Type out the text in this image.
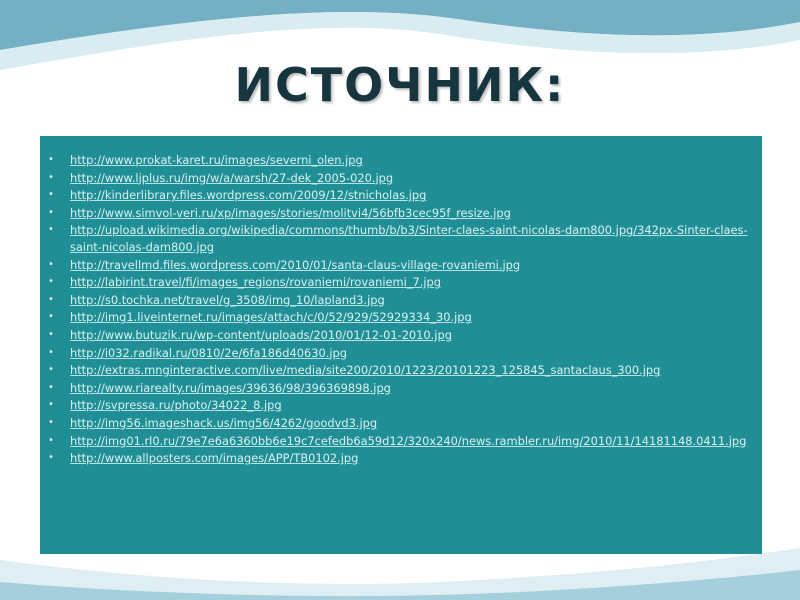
ИСТОЧНИК:
• http://www.prokat-karet.ru/images/severni_olen.jpg
• http://www.ljplus.ru/img/w/a/warsh/27-dek_2005-020.jpg
• http://kinderlibrary.files.wordpress.com/2009/12/stnicholas.jpg
• http://www.simvol-veri.ru/xp/images/stories/molitvi4/56bfb3cec95f_resize.jpg
• http://upload.wikimedia.org/wikipedia/commons/thumb/b/b3/Sinter-claes-saint-nicolas-dam800.jpg/342px-Sinter-claes-saint-nicolas-dam800.jpg
• http://travellmd.files.wordpress.com/2010/01/santa-claus-village-rovaniemi.jpg
• http://labirint.travel/fi/images_regions/rovaniemi/rovaniemi_7.jpg
• http://s0.tochka.net/travel/g_3508/img_10/lapland3.jpg
• http://img1.liveinternet.ru/images/attach/c/0/52/929/52929334_30.jpg
• http://www.butuzik.ru/wp-content/uploads/2010/01/12-01-2010.jpg
• http://i032.radikal.ru/0810/2e/6fa186d40630.jpg
• http://extras.mnginteractive.com/live/media/site200/2010/1223/20101223_125845_santaclaus_300.jpg
• http://www.riarealty.ru/images/39636/98/396369898.jpg
• http://svpressa.ru/photo/34022_8.jpg
• http://img56.imageshack.us/img56/4262/goodvd3.jpg
• http://img01.rl0.ru/79e7e6a6360bb6e19c7cefedb6a59d12/320x240/news.rambler.ru/img/2010/11/14181148.0411.jpg
• http://www.allposters.com/images/APP/TB0102.jpg
